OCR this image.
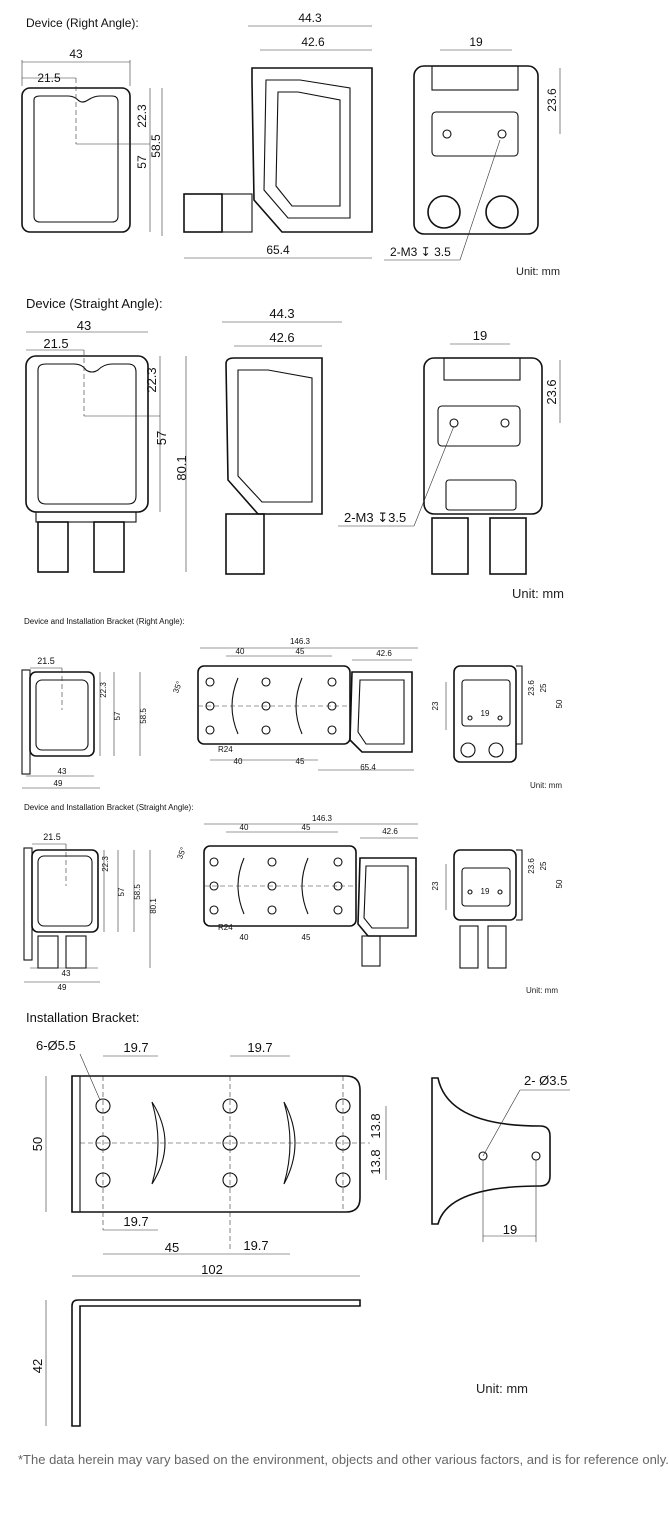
Device (Right Angle):
43
21.5
22.3
57
58.5
44.3
42.6
65.4
19
23.6
2-M3 ↧ 3.5
Unit: mm
Device (Straight Angle):
43
21.5
22.3
57
80.1
44.3
42.6	19
23.6
2-M3 ↧3.5
Unit: mm
Device and Installation Bracket (Right Angle):
43
49
21.5
22.3
57 58.5
146.3
40	45
35°
R24
40	45
65.4
42.6
23
19
23.6 25
50
Unit: mm
Device and Installation Bracket (Straight Angle):
43
49
21.5
22.3
57 58.5
80.1
146.3
40	45
35°
R24
40	45
42.6
23
19
23.6 25
50
Unit: mm
Installation Bracket:
50
6-Ø5.5	19.7	19.7
13.8
13.8
19.7
45	19.7
102
2- Ø3.5
19
42
Unit: mm
*The data herein may vary based on the environment, objects and other various factors, and is for reference only.
